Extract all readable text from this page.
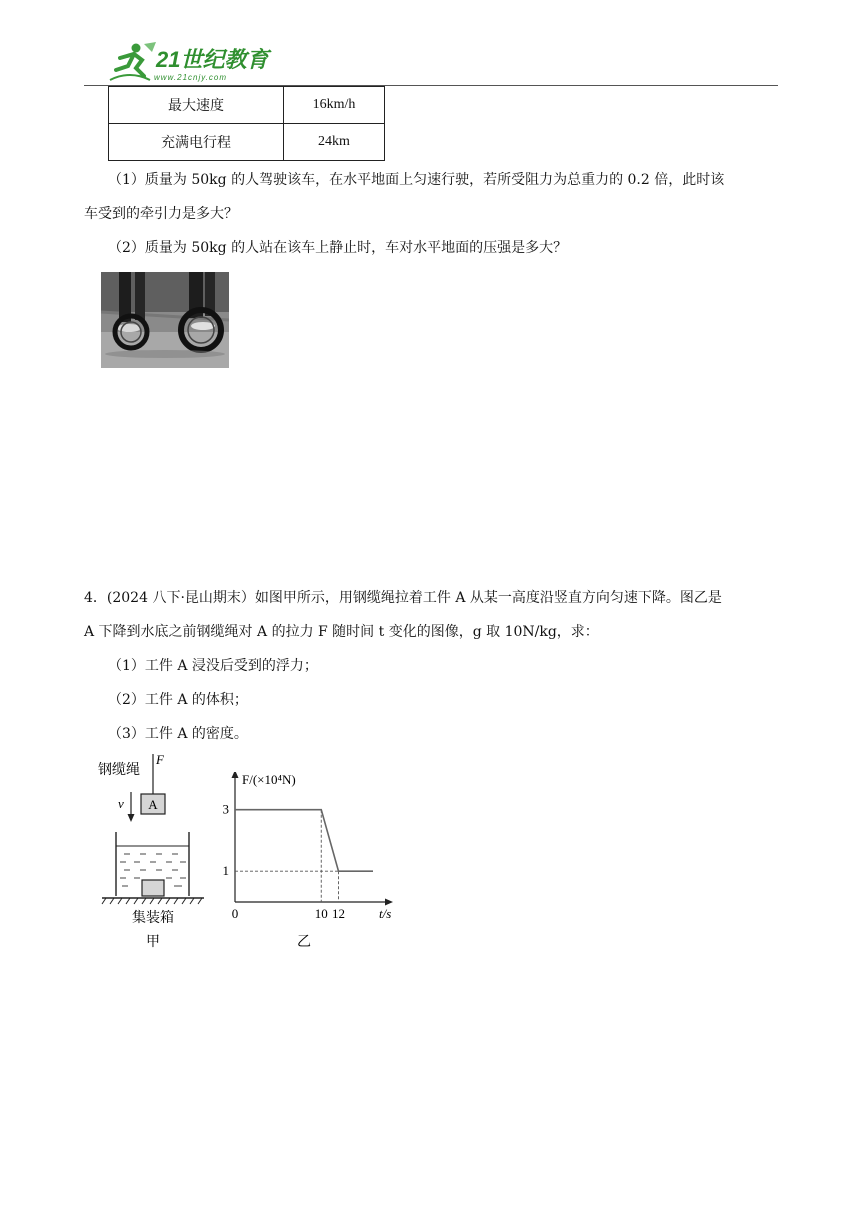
21世纪教育
www.21cnjy.com
最大速度	16km/h
充满电行程	24km
（1）质量为 50kg 的人驾驶该车，在水平地面上匀速行驶，若所受阻力为总重力的 0.2 倍，此时该
车受到的牵引力是多大？
（2）质量为 50kg 的人站在该车上静止时，车对水平地面的压强是多大？
4．(2024 八下·昆山期末）如图甲所示，用钢缆绳拉着工件 A 从某一高度沿竖直方向匀速下降。图乙是
A 下降到水底之前钢缆绳对 A 的拉力 F 随时间 t 变化的图像，g 取 10N/kg，求：
（1）工件 A 浸没后受到的浮力；
（2）工件 A 的体积；
（3）工件 A 的密度。
钢缆绳
F
v A
集装箱
甲
0	10 12
1
3
F/(×10⁴N)
t/s
乙
